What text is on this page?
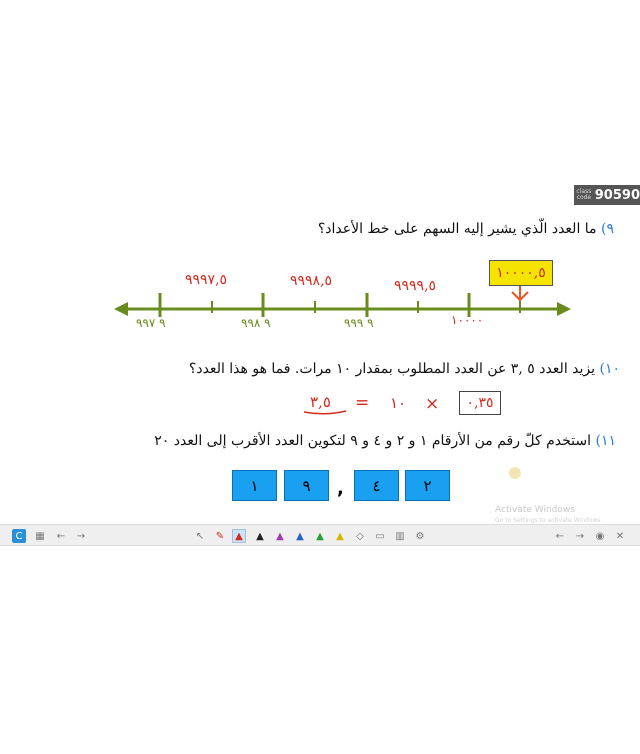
class code 90590
٩) ما العدد الّذي يشير إليه السهم على خط الأعداد؟
١٠٠٠٠,٥
٩٩٩٧,٥	٩٩٩٨,٥	٩٩٩٩,٥
٩ ٩٩٧	٩ ٩٩٨	٩ ٩٩٩	١٠٠٠٠
١٠) يزيد العدد ٥ ,٣ عن العدد المطلوب بمقدار ١٠ مرات. فما هو هذا العدد؟
٠,٣٥
×
١٠
=
٣,٥
١١) استخدم كلّ رقم من الأرقام ١ و ٢ و ٤ و ٩ لتكوين العدد الأقرب إلى العدد ٢٠
١	٩	,	٤	٢
Activate Windows
Go to Settings to activate Windows.
C	▦ ← →	↖ ✎	▲	▲	▲	▲	▲	▲	◇	▭ ▥ ⚙	← → ◉ ✕
